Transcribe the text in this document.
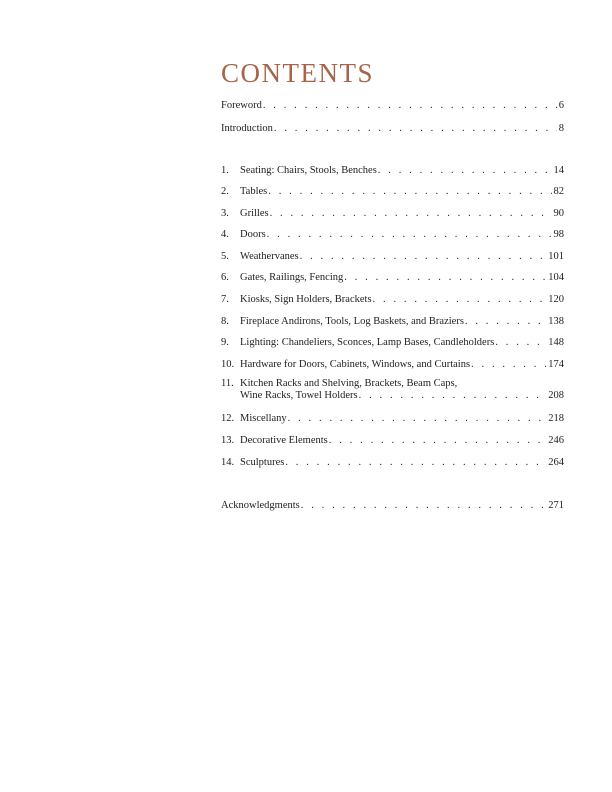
CONTENTS
Foreword . . .	6
Introduction . . .	8
1.	Seating: Chairs, Stools, Benches . . .	14
2.	Tables . . .	82
3.	Grilles . . .	90
4.	Doors . . .	98
5.	Weathervanes . . .	101
6.	Gates, Railings, Fencing . . .	104
7.	Kiosks, Sign Holders, Brackets . . .	120
8.	Fireplace Andirons, Tools, Log Baskets, and Braziers . . .	138
9.	Lighting: Chandeliers, Sconces, Lamp Bases, Candleholders . . .	148
10. Hardware for Doors, Cabinets, Windows, and Curtains . . .	174
11. Kitchen Racks and Shelving, Brackets, Beam Caps,
Wine Racks, Towel Holders . . .	208
12. Miscellany . . .	218
13. Decorative Elements . . .	246
14. Sculptures . . .	264
Acknowledgments . . .	271
